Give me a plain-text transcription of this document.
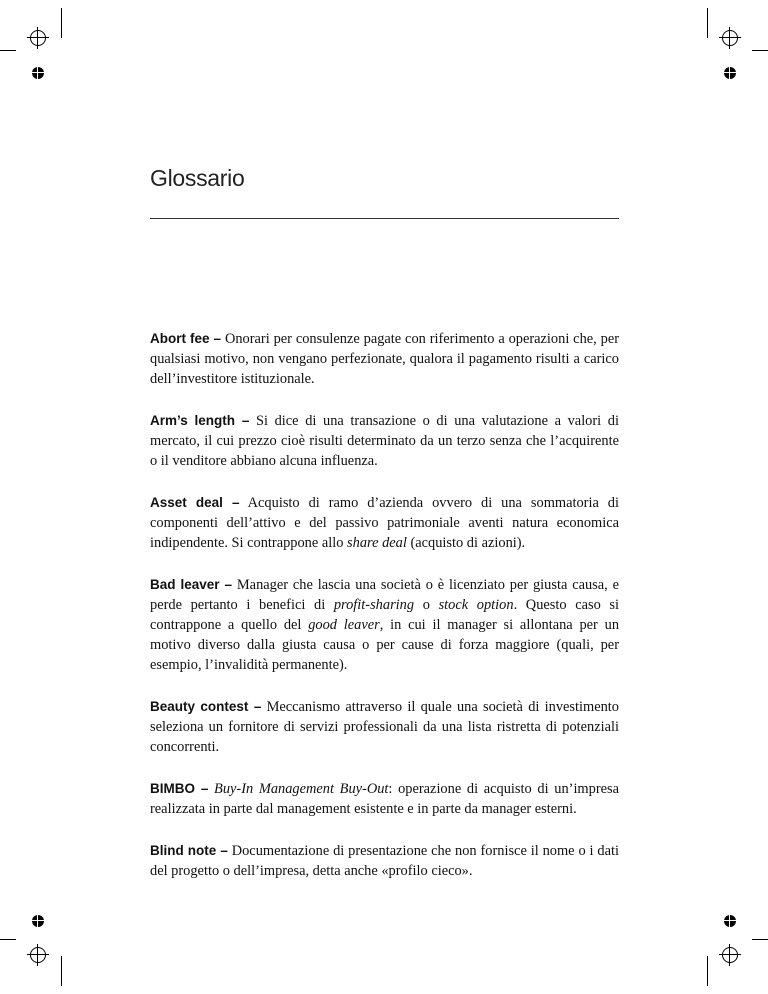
Glossario

Abort fee – Onorari per consulenze pagate con riferimento a operazioni che, per qualsiasi motivo, non vengano perfezionate, qualora il pagamento risulti a carico dell’investitore istituzionale.

Arm’s length – Si dice di una transazione o di una valutazione a valori di mercato, il cui prezzo cioè risulti determinato da un terzo senza che l’acquirente o il venditore abbiano alcuna influenza.

Asset deal – Acquisto di ramo d’azienda ovvero di una sommatoria di componenti dell’attivo e del passivo patrimoniale aventi natura economica indipendente. Si contrappone allo share deal (acquisto di azioni).

Bad leaver – Manager che lascia una società o è licenziato per giusta causa, e perde pertanto i benefici di profit-sharing o stock option. Questo caso si contrappone a quello del good leaver, in cui il manager si allontana per un motivo diverso dalla giusta causa o per cause di forza maggiore (quali, per esempio, l’invalidità permanente).

Beauty contest – Meccanismo attraverso il quale una società di investimento seleziona un fornitore di servizi professionali da una lista ristretta di potenziali concorrenti.

BIMBO – Buy-In Management Buy-Out: operazione di acquisto di un’impresa realizzata in parte dal management esistente e in parte da manager esterni.

Blind note – Documentazione di presentazione che non fornisce il nome o i dati del progetto o dell’impresa, detta anche «profilo cieco».
